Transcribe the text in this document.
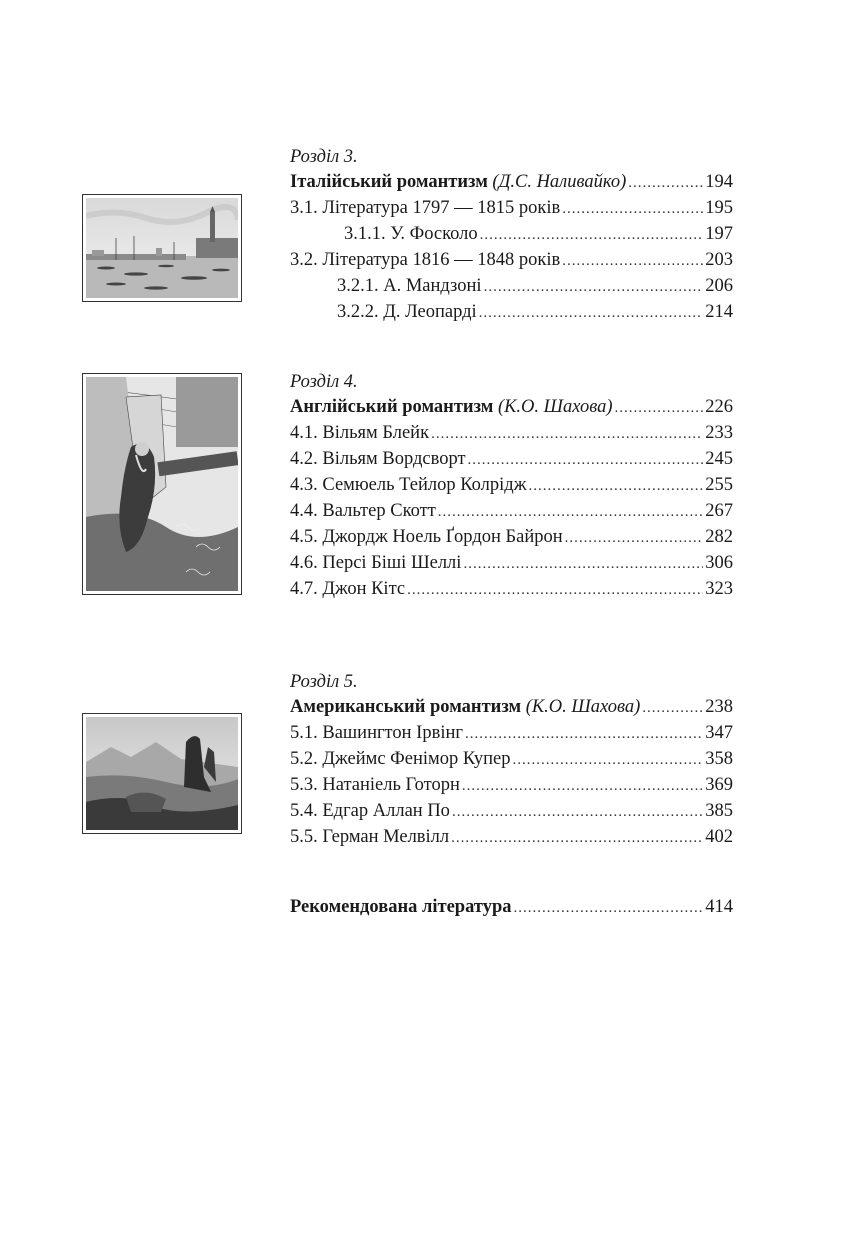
Розділ 3.
Італійський романтизм (Д.С. Наливайко) .....	194
3.1. Література 1797 — 1815 років .....	195
3.1.1. У. Фосколо .....	197
3.2. Література 1816 — 1848 років .....	203
3.2.1. А. Мандзоні .....	206
3.2.2. Д. Леопарді .....	214
Розділ 4.
Англійський романтизм (К.О. Шахова) .....	226
4.1. Вільям Блейк .....	233
4.2. Вільям Вордсворт .....	245
4.3. Семюель Тейлор Колрідж .....	255
4.4. Вальтер Скотт .....	267
4.5. Джордж Ноель Ґордон Байрон .....	282
4.6. Персі Біші Шеллі .....	306
4.7. Джон Кітс .....	323
Розділ 5.
Американський романтизм (К.О. Шахова) .....	238
5.1. Вашингтон Ірвінг .....	347
5.2. Джеймс Фенімор Купер .....	358
5.3. Натаніель Готорн .....	369
5.4. Едгар Аллан По .....	385
5.5. Герман Мелвілл .....	402
Рекомендована література .....	414
